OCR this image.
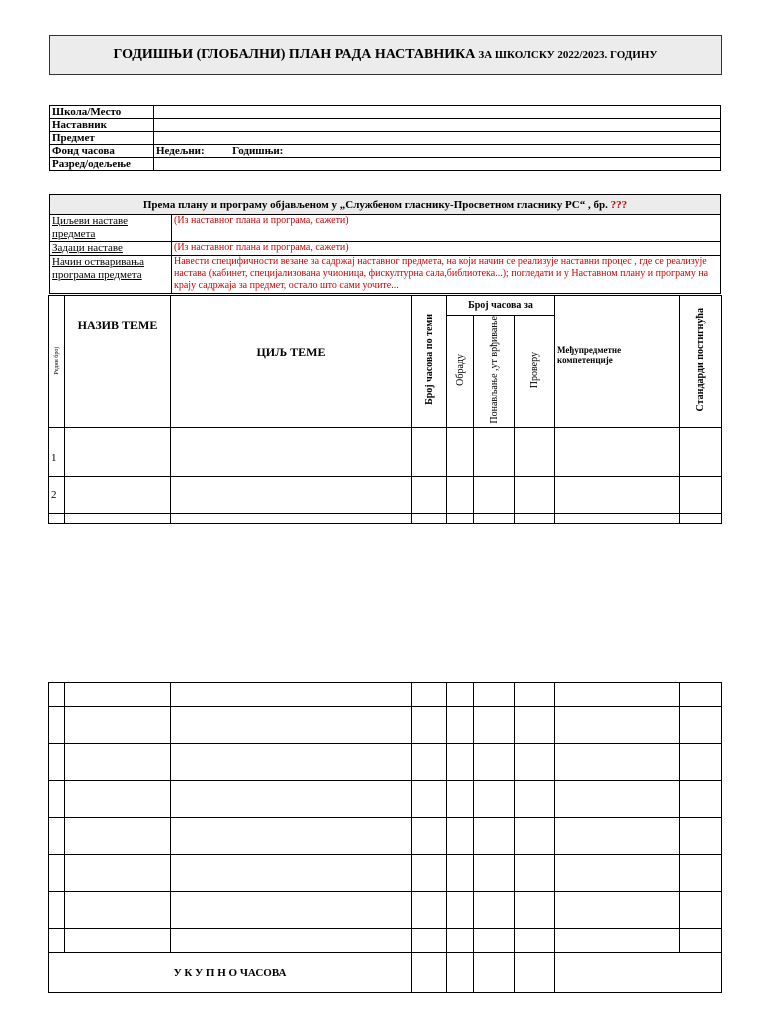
ГОДИШЊИ (ГЛОБАЛНИ) ПЛАН РАДА НАСТАВНИКА ЗА ШКОЛСКУ 2022/2023. ГОДИНУ
Школа/Место	
Наставник	
Предмет	
Фонд часова	Недељни: Годишњи:
Разред/одељење	
Према плану и програму објављеном у „Службеном гласнику-Просветном гласнику РС“ , бр. ???	
Циљеви наставе предмета	(Из наставног плана и програма, сажети)
Задаци наставе	(Из наставног плана и програма, сажети)
Начин остваривања програма предмета	Навести специфичности везане за садржај наставног предмета, на који начин се реализује наставни процес , где се реализује настава (кабинет, специјализована учионица, фискултурна сала,библиотека...); погледати и у Наставном плану и програму на крају садржаја за предмет, остало што сами уочите...
Редни број	НАЗИВ ТЕМЕ	ЦИЉ ТЕМЕ	Број часова по теми	Број часова за			Међупредметне компетенције	Стандарди постигнућа
				Обраду	Понављање ,ут врђивање	Проверу		
1								
2								

У К У П Н О ЧАСОВА								
